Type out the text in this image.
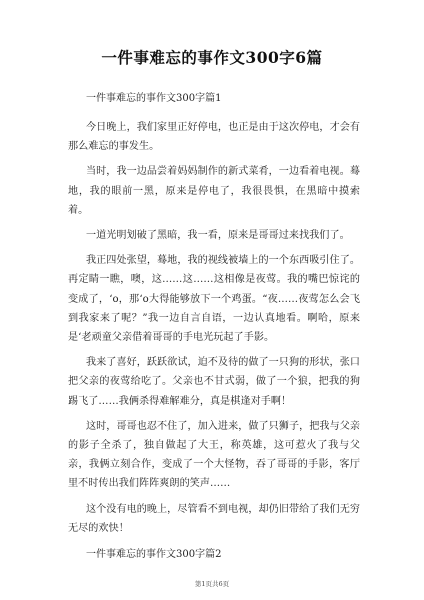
一件事难忘的事作文300字6篇
一件事难忘的事作文300字篇1

今日晚上，我们家里正好停电，也正是由于这次停电，才会有那么难忘的事发生。

当时，我一边品尝着妈妈制作的新式菜肴，一边看着电视。蓦地，我的眼前一黑，原来是停电了，我很畏惧，在黑暗中摸索着。

一道光明划破了黑暗，我一看，原来是哥哥过来找我们了。

我正四处张望，蓦地，我的视线被墙上的一个东西吸引住了。再定睛一瞧，噢，这……这……这相像是夜莺。我的嘴巴惊诧的变成了，‘o，那‘o大得能够放下一个鸡蛋。“夜……夜莺怎么会飞到我家来了呢？”我一边自言自语，一边认真地看。啊哈，原来是‘老顽童父亲借着哥哥的手电光玩起了手影。

我来了喜好，跃跃欲试，迫不及待的做了一只狗的形状，张口把父亲的夜莺给吃了。父亲也不甘式弱，做了一个狼，把我的狗踢飞了……我俩杀得难解难分，真是棋逢对手啊！

这时，哥哥也忍不住了，加入进来，做了只狮子，把我与父亲的影子全杀了，独自做起了大王，称英雄，这可惹火了我与父亲，我俩立刻合作，变成了一个大怪物，吞了哥哥的手影，客厅里不时传出我们阵阵爽朗的笑声……

这个没有电的晚上，尽管看不到电视，却仍旧带给了我们无穷无尽的欢快！

一件事难忘的事作文300字篇2
第1页共6页
